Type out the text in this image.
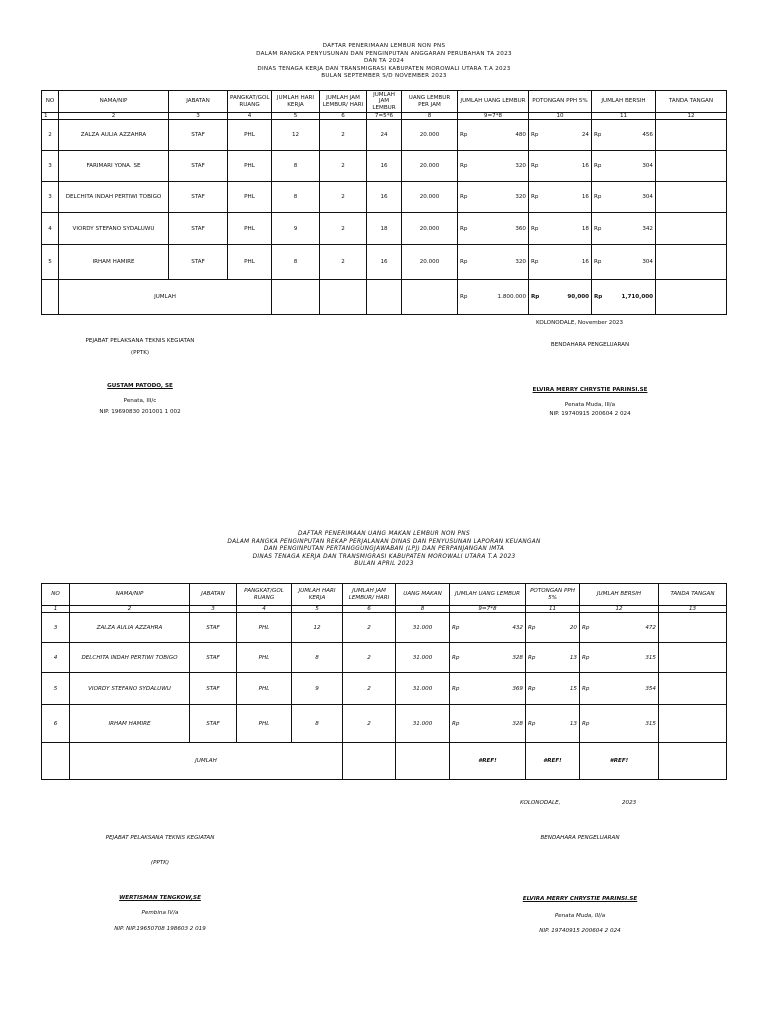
DAFTAR PENERIMAAN LEMBUR NON PNS
DALAM RANGKA PENYUSUNAN DAN PENGINPUTAN ANGGARAN PERUBAHAN TA 2023
DAN TA 2024
DINAS TENAGA KERJA DAN TRANSMIGRASI KABUPATEN MOROWALI UTARA T.A 2023
BULAN SEPTEMBER S/D NOVEMBER 2023
NO	NAMA/NIP	JABATAN	PANGKAT/GOL RUANG	JUMLAH HARI KERJA	JUMLAH JAM LEMBUR/ HARI	JUMLAH JAM LEMBUR	UANG LEMBUR PER JAM	JUMLAH UANG LEMBUR	POTONGAN PPH 5%	JUMLAH BERSIH	TANDA TANGAN
1	2	3	4	5	6	7=5*6	8	9=7*8	10	11	12
2	ZALZA AULIA AZZAHRA	STAF	PHL	12	2	24	20.000	Rp 480	Rp 24	Rp 456	

3	FARIMARI YONA. SE	STAF	PHL	8	2	16	20.000	Rp 320	Rp 16	Rp 304	

3	DELCHITA INDAH PERTIWI TOBIGO	STAF	PHL	8	2	16	20.000	Rp 320	Rp 16	Rp 304	

4	VIORDY STEFANO SYDALUWU	STAF	PHL	9	2	18	20.000	Rp 360	Rp 18	Rp 342	

5	IRHAM HAMIRE	STAF	PHL	8	2	16	20.000	Rp 320	Rp 16	Rp 304	

	JUMLAH							Rp 1.800.000	Rp 90,000	Rp 1,710,000	

KOLONODALE, November 2023
PEJABAT PELAKSANA TEKNIS KEGIATAN
(PPTK)
GUSTAM PATODO, SE
Penata, III/c
NIP. 19690830 201001 1 002
BENDAHARA PENGELUARAN
ELVIRA MERRY CHRYSTIE PARINSI.SE
Penata Muda, III/a
NIP. 19740915 200604 2 024
DAFTAR PENERIMAAN UANG MAKAN LEMBUR NON PNS
DALAM RANGKA PENGINPUTAN REKAP PERJALANAN DINAS DAN PENYUSUNAN LAPORAN KEUANGAN
DAN PENGINPUTAN PERTANGGUNGJAWABAN (LPJ) DAN PERPANJANGAN IMTA
DINAS TENAGA KERJA DAN TRANSMIGRASI KABUPATEN MOROWALI UTARA T.A 2023
BULAN APRIL 2023
NO	NAMA/NIP	JABATAN	PANGKAT/GOL RUANG	JUMLAH HARI KERJA	JUMLAH JAM LEMBUR/ HARI	UANG MAKAN	JUMLAH UANG LEMBUR	POTONGAN PPH 5%	JUMLAH BERSIH	TANDA TANGAN
1	2	3	4	5	6	8	9=7*8	11	12	13
3	ZALZA AULIA AZZAHRA	STAF	PHL	12	2	31.000	Rp 432	Rp 20	Rp 472	

4	DELCHITA INDAH PERTIWI TOBIGO	STAF	PHL	8	2	31.000	Rp 328	Rp 13	Rp 315	

5	VIORDY STEFANO SYDALUWU	STAF	PHL	9	2	31.000	Rp 369	Rp 15	Rp 354	

6	IRHAM HAMIRE	STAF	PHL	8	2	31.000	Rp 328	Rp 13	Rp 315	

	JUMLAH						#REF!	#REF!	#REF!	
KOLONODALE,	2023
PEJABAT PELAKSANA TEKNIS KEGIATAN
(PPTK)
WERTISMAN TENGKOW,SE
Pembina IV/a
NIP. NIP.19650708 198603 2 019
BENDAHARA PENGELUARAN
ELVIRA MERRY CHRYSTIE PARINSI.SE
Penata Muda, III/a
NIP. 19740915 200604 2 024
